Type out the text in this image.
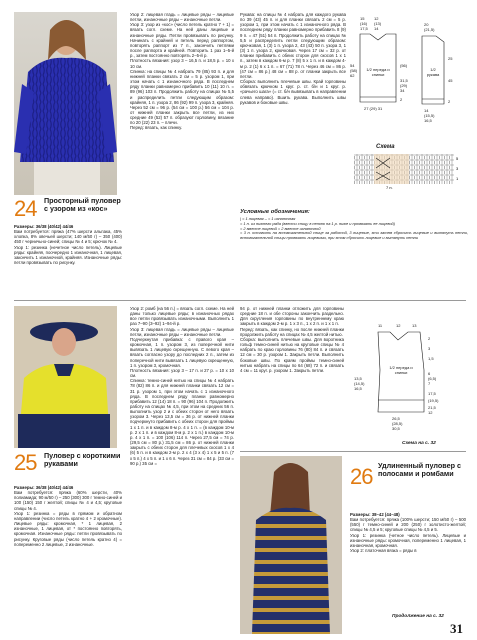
24 Просторный пуловер с узором из «кос»

Размеры: 36/38 (40/42) 44/46

Вам потребуется: пряжа (47% шерсти альпака, 45% хлопка, 8% овечьей шерсти; 140 м/50 г) – 350 (400) 450 г черничьно-синей; спицы № 4 и 5; крючок № 4.

Узор 1: резинка (нечетное число петель). Лицевые ряды: крайняя, поочередно 1 изнаночная, 1 лицевая, закончить 1 изнаночной, крайняя. Изнаночные ряды: петли провязывать по рисунку.

Узор 2: лицевая гладь = лицевые ряды – лицевые петли, изнаночные ряды – изнаночные петли.

Узор 3: узор из «кос» (число петель кратно 7 + 1) = вязать согл. схеме. На ней даны лицевые и изнаночные ряды. Петли провязывать по рисунку. Начинать с крайней и петель перед раппортом, повторять раппорт из 7 п., закончить петлями после раппорта и крайней. Повторить 1 раз 1–5-й р., затем постоянно повторять 2–5-й р.

Плотность вязания: узор 3 – 16,5 п. и 18,5 р. = 10 x 10 см.

Спинка: на спицы № 4 набрать 79 (85) 93 п. и для нижней планки связать 2 см = 5 р. узором 1, при этом начать с 1 изнаночного ряда. В последнем ряду планки равномерно прибавить 10 (11) 10 п. = 89 (96) 103 п. Продолжить работу на спицах № 5,5 и распределить петли следующим образом: крайняя, 1 п. узора 2, 86 (92) 99 п. узора 3, крайняя. Через 52 см = 96 р. (54 см = 100 р.) 56 см = 104 р. от нижней планки закрыть все петли, из них средние 49 (52) 57 п. образуют горловину, вязание по 20 (22) 23 п. – плечи.

Перед: вязать, как спинку.

Рукава: на спицы № 4 набрать для каждого рукава по 39 (43) 45 п. и для планки связать 2 см = 5 р. узором 1, при этом начать с 1 изнаночного ряда. В последнем ряду планки равномерно прибавить 8 (9) 9 п. = 47 (51) 54 п. Продолжить работу на спицах № 5,5 и распределить петли следующим образом: крючковая, 1 (3) 1 п. узора 2, 43 (43) 50 п. узора 3, 1 (3) 1 п. узора 2, крючковая. Через 17 см = 32 р. от планки прибавить с обеих сторон для скосов 1 x 1 п., затем в каждом 6-м р. 7 (8) 5 x 1 п. и в каждом 4-м р. 2 (1) 6 x 1 п. = 67 (71) 78 п. Через 46 см = 86 р. (47 см = 86 р.) 48 см = 88 р. от планки закрыть все петли.

Сборка: выполнить плечевые швы. Край горловины обвязать крючком 1 круг. р. ст. б/н и 1 круг. р. «рачьего шага» (= ст. б/н вывязывать в направлении слева направо). Вшить рукава. Выполнить швы рукавов и боковые швы.

15
(16)
17,5
12
(13)
14
54
(58)
62
(56)
31,5
(29)
34
2
27 (29) 31
20
(21,5)
25
45
2
14
(15,5)
16,5
1/2 переда и спинки
1/2 рукава
Схема
5
3
1
7 п.
Условные обозначения:

| = 1 лицевая – = 1 изнаночная

= 1 п. из нижнего ряда (ввести спицу в петлю на 1 р. ниже и провязать ее лицевой)

= 2 вместе лицевой = 2 вместе изнаночной

= 3 п. оставить на вспомогательной спице за работой, 3 лицевые, эти затем сбросить лицевые и вытянуть петли, вспомогательной спицы провязать лицевыми, при этом сбросить лицевые и вытянуть петли

25 Пуловер с короткими рукавами

Размеры: 36/38 (40/42) 44/46

Вам потребуется: пряжа (60% шерсти, 40% полиамида; 90 м/50 г) – 250 (300) 300 г темно-синей и 100 (150) 150 г желтой; спицы № 4 и 4,5; круговые спицы № 4.

Узор 1: резинка = ряды в прямом и обратном направлении (число петель кратно 4 + 2 кромочные). Лицевые ряды: кромочная, * 1 лицевая, 2 изнаночные, 1 лицевая, от * постоянно повторять, кромочная. Изнаночные ряды: петли провязывать по рисунку. Круговые ряды (число петель кратно 4) = попеременно 2 лицевые, 2 изнаночные.

Узор 2: ромб (на 56 п.) = вязать согл. схеме. На ней даны только лицевые ряды; в изнаночных рядах все петли провязывать изнаночными. Выполнить 1 раз 7–90 (3–92) 1–94-й р.

Узор 3: лицевая гладь = лицевые ряды – лицевые петли, изнаночные ряды – изнаночные петли.

Подчеркнутая прибавка: с правого края – кромочная, 1 п. узором 3, из поперечной нити вывязать 1 лицевую скрещенную. С левого края – вязать согласно узору до последних 2 п., затем из поперечной нити вывязать 1 лицевую скрещенную, 1 п. узором 3, кромочная.

Плотность вязания: узор 3 – 17 п. и 27 р. = 10 x 10 см.

Спинка: темно-синей нитью на спицы № 4 набрать 78 (82) 86 п. и для нижней планки связать 12 см = 31 р. узором 1, при этом начать с 1 изнаночного ряда. В последнем ряду планки равномерно прибавить 12 (14) 18 п. = 90 (96) 104 п. Продолжить работу на спицах № 4,5, при этом на средних 56 п. выполнить узор 2 и с обеих сторон от него вязать узором 3. Через 13,5 см = 36 р. от нижней планки подчеркнуто прибавить с обеих сторон для проймы 1 x 1 п. и в каждом 8-м р. 4 x 1 п. = (в каждом 10-м р. 2 x 1 п. и в каждом 8-м р. 2 x 1 п.) в каждом 10-м р. 4 x 1 п. = 100 (106) 114 п. Через 27,5 см = 74 р. (29,5 см = 80 р.) 31,5 см = 86 р. от нижней планки закрыть с обеих сторон для плечевых скосов 1 x 4 (6) 5 п. и в каждом 2-м р. 2 x 4 (3 x 4) 1 x 5 и 5 п. (7 x 5 п.) 4 x 5 п. и 1 x 6 п. Через 31 см = 84 р. (33 см = 90 р.) 35 см =

94 р. от нижней планки отложить для горловины средние 18 п. и обе стороны закончить раздельно. Для скругления горловины по внутреннему краю закрыть в каждом 2-м р. 1 x 3 п., 1 x 2 п. и 1 x 1 п.

Перед: вязать, как спинку, но после нижней планки продолжить работу на спицах № 4,5 желтой нитью.

Сборка: выполнить плечевые швы. Для воротника гольф темно-синей нитью на круговые спицы № 4 набрать по краю горловины 76 (80) 84 п. и связать 12 см = 30 р. узором 1. Закрыть петли. Выполнить боковые швы. По краям проймы темно-синей нитью набрать на спицы по 64 (68) 72 п. и связать 4 см = 11 круг. р. узором 1. Закрыть петли.

11	12	13
2
3
1,5
6
(6,5)
7
13,5
(14,5)
16,5
17,5
(19,5)
21,5
12
26,5
(28,5)
30,5
1/2 переда и спинки
Схема на с. 32
26 Удлиненный пуловер с полосами и ромбами

Размеры: 38–42 (44–48)

Вам потребуется: пряжа (100% шерсти; 150 м/50 г) – 500 (550) г темно-синей и 200 (250) г золотисто-желтой; спицы № 4,5 и 5; круговые спицы № 4,5 и 5.

Узор 1: резинка (четное число петель). Лицевые и изнаночные ряды: кромочная, попеременно 1 лицевая, 1 изнаночная, кромочная.

Узор 2: платочная вязка = ряды в

Продолжение на с. 32
31
